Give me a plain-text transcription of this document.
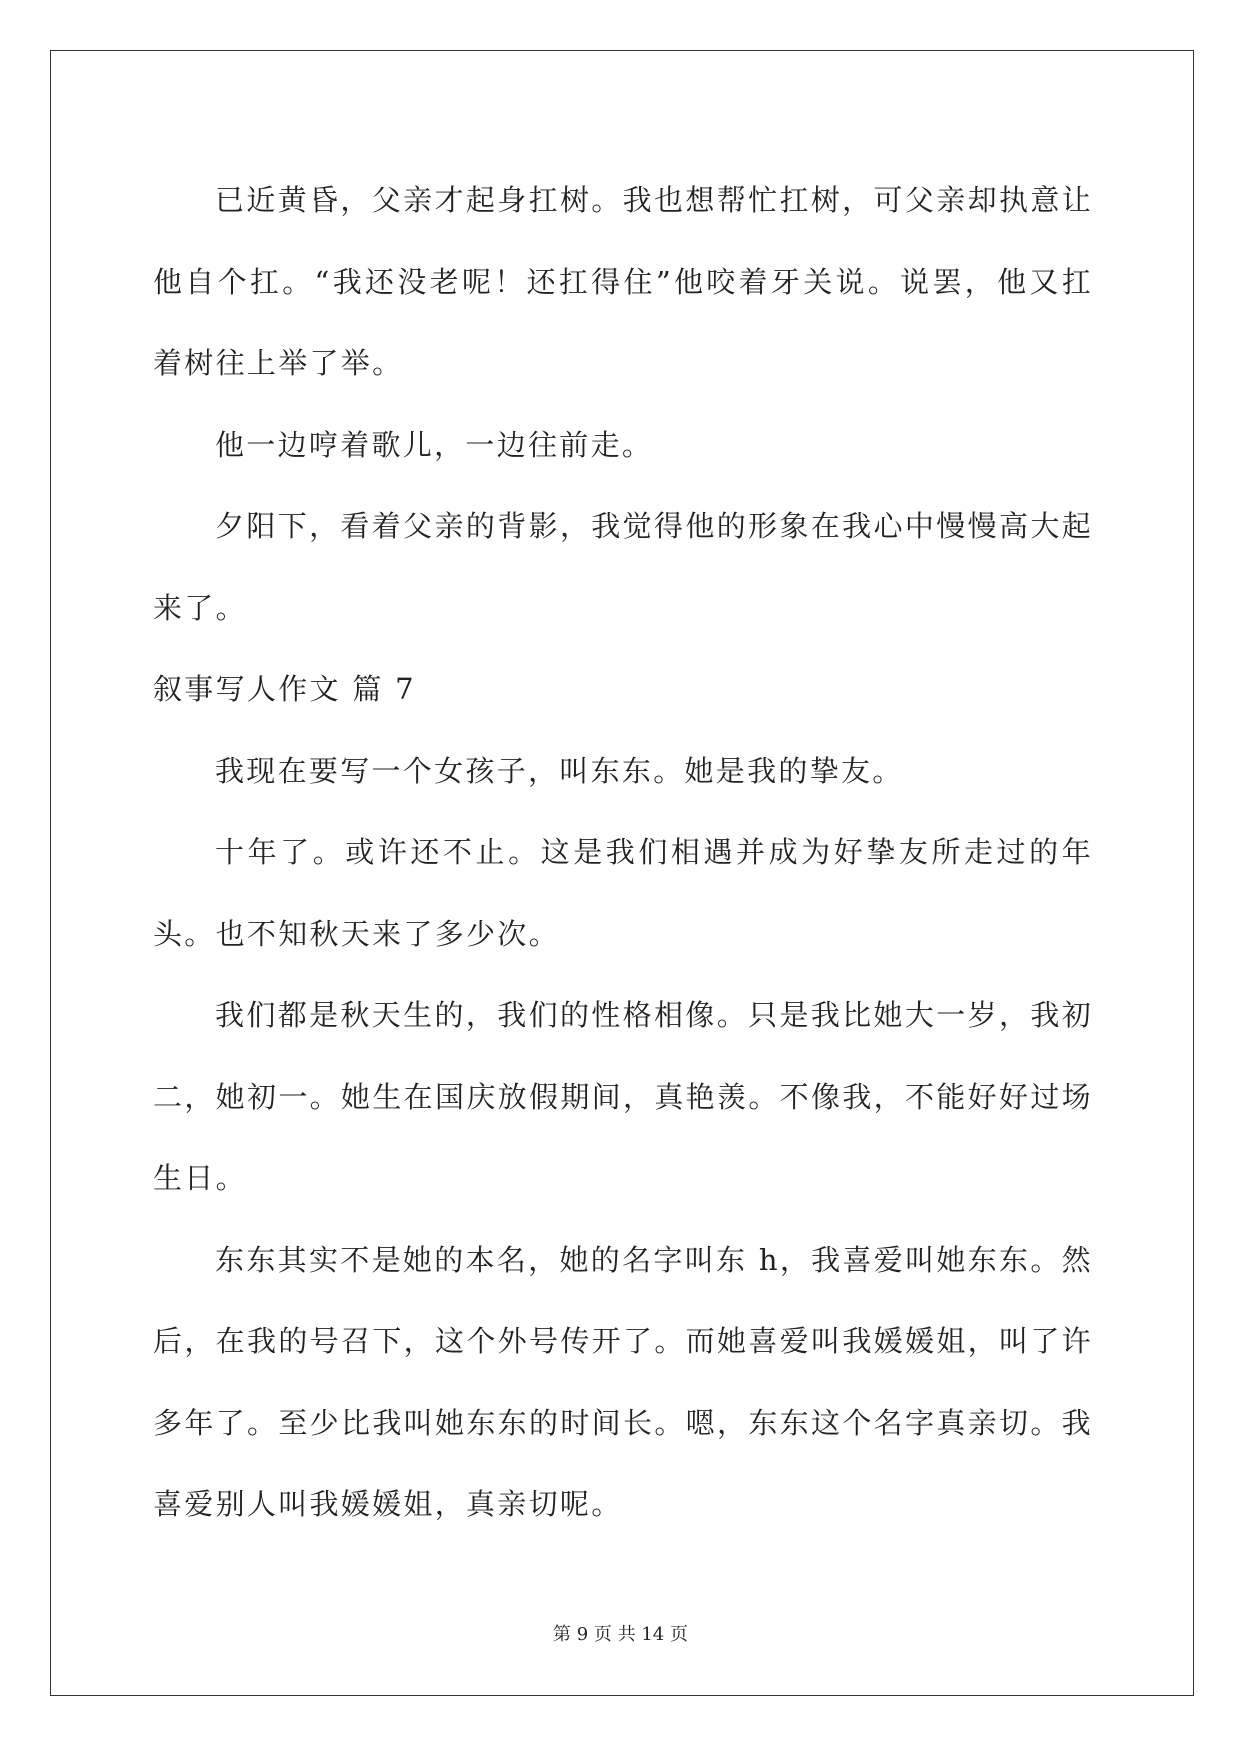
已近黄昏，父亲才起身扛树。我也想帮忙扛树，可父亲却执意让他自个扛。“我还没老呢！还扛得住”他咬着牙关说。说罢，他又扛着树往上举了举。

他一边哼着歌儿，一边往前走。

夕阳下，看着父亲的背影，我觉得他的形象在我心中慢慢高大起来了。

叙事写人作文 篇 7

我现在要写一个女孩子，叫东东。她是我的挚友。

十年了。或许还不止。这是我们相遇并成为好挚友所走过的年头。也不知秋天来了多少次。

我们都是秋天生的，我们的性格相像。只是我比她大一岁，我初二，她初一。她生在国庆放假期间，真艳羡。不像我，不能好好过场生日。

东东其实不是她的本名，她的名字叫东 h，我喜爱叫她东东。然后，在我的号召下，这个外号传开了。而她喜爱叫我媛媛姐，叫了许多年了。至少比我叫她东东的时间长。嗯，东东这个名字真亲切。我喜爱别人叫我媛媛姐，真亲切呢。

第 9 页 共 14 页
